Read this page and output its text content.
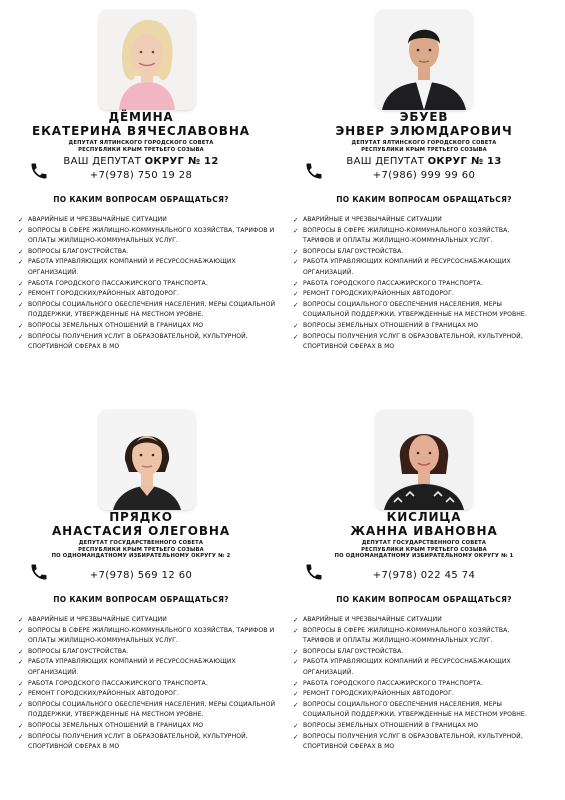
ДЁМИНА
ЕКАТЕРИНА ВЯЧЕСЛАВОВНА
ДЕПУТАТ ЯЛТИНСКОГО ГОРОДСКОГО СОВЕТА
РЕСПУБЛИКИ КРЫМ ТРЕТЬЕГО СОЗЫВА
ВАШ ДЕПУТАТ ОКРУГ № 12
+7(978) 750 19 28
ПО КАКИМ ВОПРОСАМ ОБРАЩАТЬСЯ?
✓ АВАРИЙНЫЕ И ЧРЕЗВЫЧАЙНЫЕ СИТУАЦИИ
✓ ВОПРОСЫ В СФЕРЕ ЖИЛИЩНО-КОММУНАЛЬНОГО ХОЗЯЙСТВА, ТАРИФОВ И
ОПЛАТЫ ЖИЛИЩНО-КОММУНАЛЬНЫХ УСЛУГ.
✓ ВОПРОСЫ БЛАГОУСТРОЙСТВА.
✓ РАБОТА УПРАВЛЯЮЩИХ КОМПАНИЙ И РЕСУРСОСНАБЖАЮЩИХ
ОРГАНИЗАЦИЙ.
✓ РАБОТА ГОРОДСКОГО ПАССАЖИРСКОГО ТРАНСПОРТА.
✓ РЕМОНТ ГОРОДСКИХ/РАЙОННЫХ АВТОДОРОГ.
✓ ВОПРОСЫ СОЦИАЛЬНОГО ОБЕСПЕЧЕНИЯ НАСЕЛЕНИЯ, МЕРЫ СОЦИАЛЬНОЙ
ПОДДЕРЖКИ, УТВЕРЖДЕННЫЕ НА МЕСТНОМ УРОВНЕ.
✓ ВОПРОСЫ ЗЕМЕЛЬНЫХ ОТНОШЕНИЙ В ГРАНИЦАХ МО
✓ ВОПРОСЫ ПОЛУЧЕНИЯ УСЛУГ В ОБРАЗОВАТЕЛЬНОЙ, КУЛЬТУРНОЙ,
СПОРТИВНОЙ СФЕРАХ В МО
ЭБУЕВ
ЭНВЕР ЭЛЮМДАРОВИЧ
ДЕПУТАТ ЯЛТИНСКОГО ГОРОДСКОГО СОВЕТА
РЕСПУБЛИКИ КРЫМ ТРЕТЬЕГО СОЗЫВА
ВАШ ДЕПУТАТ ОКРУГ № 13
+7(986) 999 99 60
ПО КАКИМ ВОПРОСАМ ОБРАЩАТЬСЯ?
✓ АВАРИЙНЫЕ И ЧРЕЗВЫЧАЙНЫЕ СИТУАЦИИ
✓ ВОПРОСЫ В СФЕРЕ ЖИЛИЩНО-КОММУНАЛЬНОГО ХОЗЯЙСТВА,
ТАРИФОВ И ОПЛАТЫ ЖИЛИЩНО-КОММУНАЛЬНЫХ УСЛУГ.
✓ ВОПРОСЫ БЛАГОУСТРОЙСТВА.
✓ РАБОТА УПРАВЛЯЮЩИХ КОМПАНИЙ И РЕСУРСОСНАБЖАЮЩИХ
ОРГАНИЗАЦИЙ.
✓ РАБОТА ГОРОДСКОГО ПАССАЖИРСКОГО ТРАНСПОРТА.
✓ РЕМОНТ ГОРОДСКИХ/РАЙОННЫХ АВТОДОРОГ.
✓ ВОПРОСЫ СОЦИАЛЬНОГО ОБЕСПЕЧЕНИЯ НАСЕЛЕНИЯ, МЕРЫ
СОЦИАЛЬНОЙ ПОДДЕРЖКИ, УТВЕРЖДЕННЫЕ НА МЕСТНОМ УРОВНЕ.
✓ ВОПРОСЫ ЗЕМЕЛЬНЫХ ОТНОШЕНИЙ В ГРАНИЦАХ МО
✓ ВОПРОСЫ ПОЛУЧЕНИЯ УСЛУГ В ОБРАЗОВАТЕЛЬНОЙ, КУЛЬТУРНОЙ,
СПОРТИВНОЙ СФЕРАХ В МО
ПРЯДКО
АНАСТАСИЯ ОЛЕГОВНА
ДЕПУТАТ ГОСУДАРСТВЕННОГО СОВЕТА
РЕСПУБЛИКИ КРЫМ ТРЕТЬЕГО СОЗЫВА
ПО ОДНОМАНДАТНОМУ ИЗБИРАТЕЛЬНОМУ ОКРУГУ № 2
+7(978) 569 12 60
ПО КАКИМ ВОПРОСАМ ОБРАЩАТЬСЯ?
✓ АВАРИЙНЫЕ И ЧРЕЗВЫЧАЙНЫЕ СИТУАЦИИ
✓ ВОПРОСЫ В СФЕРЕ ЖИЛИЩНО-КОММУНАЛЬНОГО ХОЗЯЙСТВА, ТАРИФОВ И
ОПЛАТЫ ЖИЛИЩНО-КОММУНАЛЬНЫХ УСЛУГ.
✓ ВОПРОСЫ БЛАГОУСТРОЙСТВА.
✓ РАБОТА УПРАВЛЯЮЩИХ КОМПАНИЙ И РЕСУРСОСНАБЖАЮЩИХ
ОРГАНИЗАЦИЙ.
✓ РАБОТА ГОРОДСКОГО ПАССАЖИРСКОГО ТРАНСПОРТА.
✓ РЕМОНТ ГОРОДСКИХ/РАЙОННЫХ АВТОДОРОГ.
✓ ВОПРОСЫ СОЦИАЛЬНОГО ОБЕСПЕЧЕНИЯ НАСЕЛЕНИЯ, МЕРЫ СОЦИАЛЬНОЙ
ПОДДЕРЖКИ, УТВЕРЖДЕННЫЕ НА МЕСТНОМ УРОВНЕ.
✓ ВОПРОСЫ ЗЕМЕЛЬНЫХ ОТНОШЕНИЙ В ГРАНИЦАХ МО
✓ ВОПРОСЫ ПОЛУЧЕНИЯ УСЛУГ В ОБРАЗОВАТЕЛЬНОЙ, КУЛЬТУРНОЙ,
СПОРТИВНОЙ СФЕРАХ В МО
КИСЛИЦА
ЖАННА ИВАНОВНА
ДЕПУТАТ ГОСУДАРСТВЕННОГО СОВЕТА
РЕСПУБЛИКИ КРЫМ ТРЕТЬЕГО СОЗЫВА
ПО ОДНОМАНДАТНОМУ ИЗБИРАТЕЛЬНОМУ ОКРУГУ № 1
+7(978) 022 45 74
ПО КАКИМ ВОПРОСАМ ОБРАЩАТЬСЯ?
✓ АВАРИЙНЫЕ И ЧРЕЗВЫЧАЙНЫЕ СИТУАЦИИ
✓ ВОПРОСЫ В СФЕРЕ ЖИЛИЩНО-КОММУНАЛЬНОГО ХОЗЯЙСТВА,
ТАРИФОВ И ОПЛАТЫ ЖИЛИЩНО-КОММУНАЛЬНЫХ УСЛУГ.
✓ ВОПРОСЫ БЛАГОУСТРОЙСТВА.
✓ РАБОТА УПРАВЛЯЮЩИХ КОМПАНИЙ И РЕСУРСОСНАБЖАЮЩИХ
ОРГАНИЗАЦИЙ.
✓ РАБОТА ГОРОДСКОГО ПАССАЖИРСКОГО ТРАНСПОРТА.
✓ РЕМОНТ ГОРОДСКИХ/РАЙОННЫХ АВТОДОРОГ.
✓ ВОПРОСЫ СОЦИАЛЬНОГО ОБЕСПЕЧЕНИЯ НАСЕЛЕНИЯ, МЕРЫ
СОЦИАЛЬНОЙ ПОДДЕРЖКИ, УТВЕРЖДЕННЫЕ НА МЕСТНОМ УРОВНЕ.
✓ ВОПРОСЫ ЗЕМЕЛЬНЫХ ОТНОШЕНИЙ В ГРАНИЦАХ МО
✓ ВОПРОСЫ ПОЛУЧЕНИЯ УСЛУГ В ОБРАЗОВАТЕЛЬНОЙ, КУЛЬТУРНОЙ,
СПОРТИВНОЙ СФЕРАХ В МО
